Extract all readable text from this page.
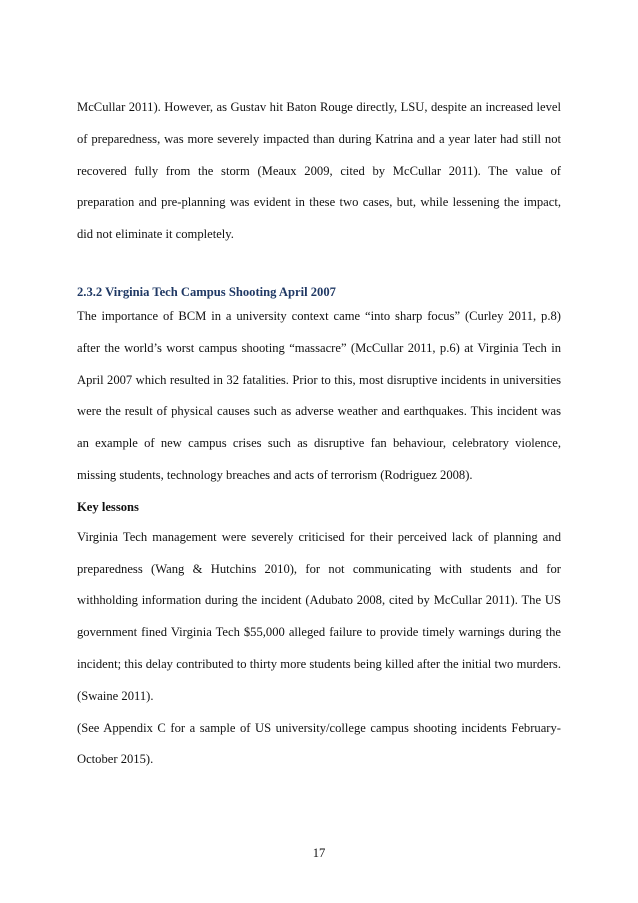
McCullar 2011). However, as Gustav hit Baton Rouge directly, LSU, despite an increased level of preparedness, was more severely impacted than during Katrina and a year later had still not recovered fully from the storm (Meaux 2009, cited by McCullar 2011). The value of preparation and pre-planning was evident in these two cases, but, while lessening the impact, did not eliminate it completely.

2.3.2 Virginia Tech Campus Shooting April 2007

The importance of BCM in a university context came “into sharp focus” (Curley 2011, p.8) after the world’s worst campus shooting “massacre” (McCullar 2011, p.6) at Virginia Tech in April 2007 which resulted in 32 fatalities. Prior to this, most disruptive incidents in universities were the result of physical causes such as adverse weather and earthquakes. This incident was an example of new campus crises such as disruptive fan behaviour, celebratory violence, missing students, technology breaches and acts of terrorism (Rodriguez 2008).

Key lessons

Virginia Tech management were severely criticised for their perceived lack of planning and preparedness (Wang & Hutchins 2010), for not communicating with students and for withholding information during the incident (Adubato 2008, cited by McCullar 2011). The US government fined Virginia Tech $55,000 alleged failure to provide timely warnings during the incident; this delay contributed to thirty more students being killed after the initial two murders. (Swaine 2011).

(See Appendix C for a sample of US university/college campus shooting incidents February-October 2015).

17
